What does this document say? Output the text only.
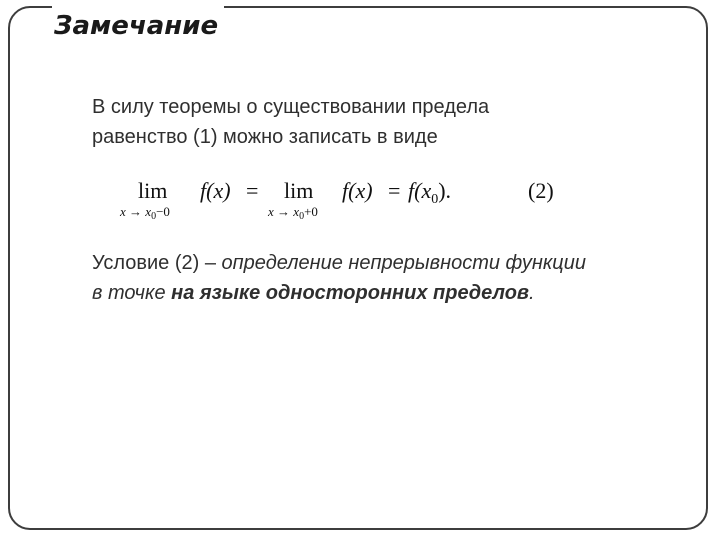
Замечание
В силу теоремы о существовании предела
равенство (1) можно записать в виде
lim
$x \to x_0-0$
f(x) = lim
$x \to x_0+0$
$f(x) = f(x_0)$.	(2)
Условие (2) – определение непрерывности функции
в точке на языке односторонних пределов.
